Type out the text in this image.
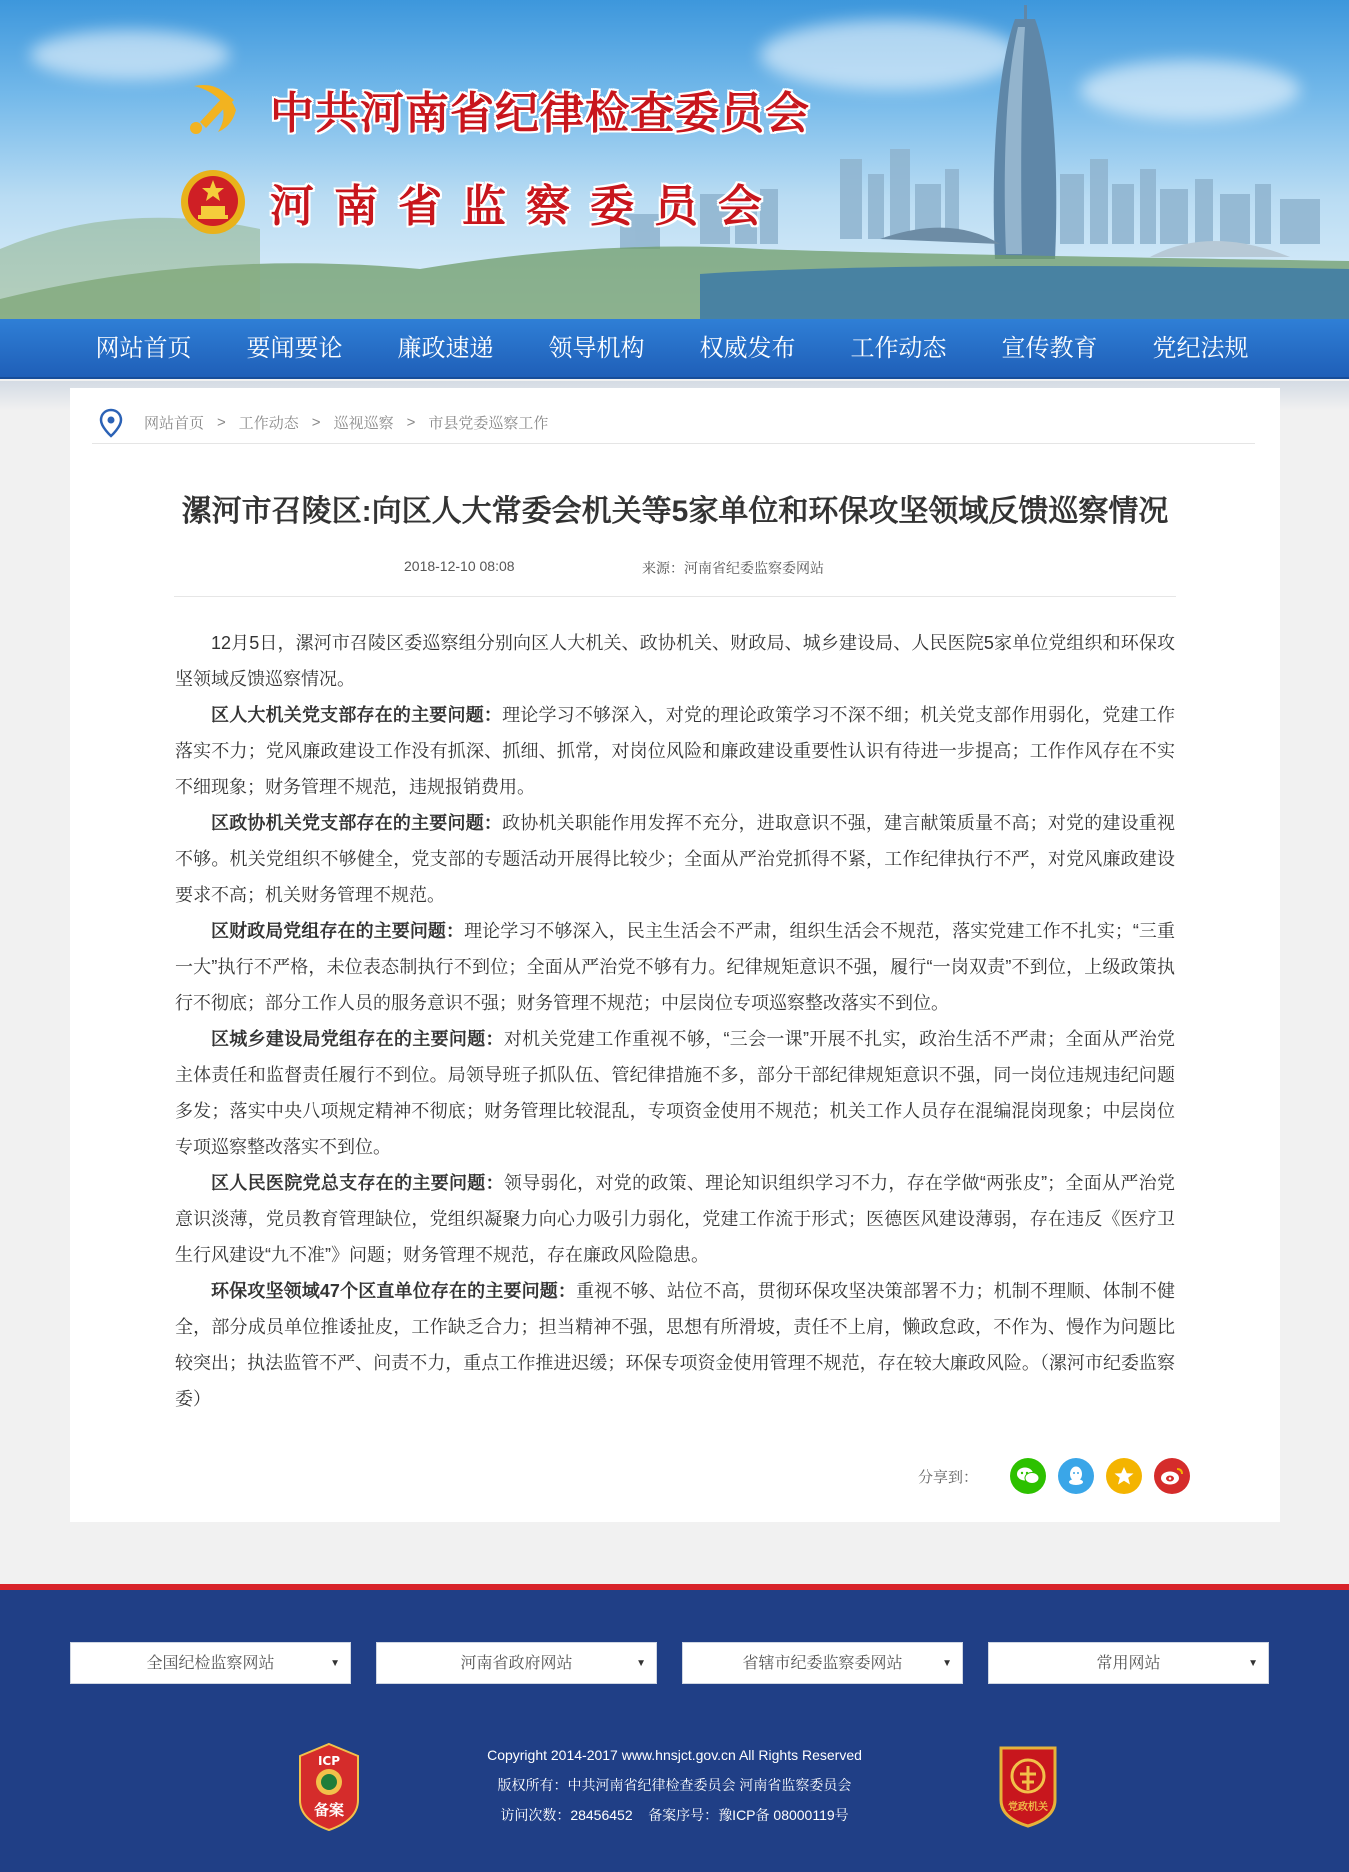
中共河南省纪律检查委员会
河南省监察委员会
网站首页	要闻要论	廉政速递	领导机构	权威发布	工作动态	宣传教育	党纪法规
网站首页 > 工作动态 > 巡视巡察 > 市县党委巡察工作
漯河市召陵区:向区人大常委会机关等5家单位和环保攻坚领域反馈巡察情况
2018-12-10 08:08	来源：河南省纪委监察委网站

12月5日，漯河市召陵区委巡察组分别向区人大机关、政协机关、财政局、城乡建设局、人民医院5家单位党组织和环保攻坚领域反馈巡察情况。

区人大机关党支部存在的主要问题：理论学习不够深入，对党的理论政策学习不深不细；机关党支部作用弱化，党建工作落实不力；党风廉政建设工作没有抓深、抓细、抓常，对岗位风险和廉政建设重要性认识有待进一步提高；工作作风存在不实不细现象；财务管理不规范，违规报销费用。

区政协机关党支部存在的主要问题：政协机关职能作用发挥不充分，进取意识不强，建言献策质量不高；对党的建设重视不够。机关党组织不够健全，党支部的专题活动开展得比较少；全面从严治党抓得不紧，工作纪律执行不严，对党风廉政建设要求不高；机关财务管理不规范。

区财政局党组存在的主要问题：理论学习不够深入，民主生活会不严肃，组织生活会不规范，落实党建工作不扎实；“三重一大”执行不严格，未位表态制执行不到位；全面从严治党不够有力。纪律规矩意识不强，履行“一岗双责”不到位，上级政策执行不彻底；部分工作人员的服务意识不强；财务管理不规范；中层岗位专项巡察整改落实不到位。

区城乡建设局党组存在的主要问题：对机关党建工作重视不够，“三会一课”开展不扎实，政治生活不严肃；全面从严治党主体责任和监督责任履行不到位。局领导班子抓队伍、管纪律措施不多，部分干部纪律规矩意识不强，同一岗位违规违纪问题多发；落实中央八项规定精神不彻底；财务管理比较混乱，专项资金使用不规范；机关工作人员存在混编混岗现象；中层岗位专项巡察整改落实不到位。

区人民医院党总支存在的主要问题：领导弱化，对党的政策、理论知识组织学习不力，存在学做“两张皮”；全面从严治党意识淡薄，党员教育管理缺位，党组织凝聚力向心力吸引力弱化，党建工作流于形式；医德医风建设薄弱，存在违反《医疗卫生行风建设“九不准”》问题；财务管理不规范，存在廉政风险隐患。

环保攻坚领域47个区直单位存在的主要问题：重视不够、站位不高，贯彻环保攻坚决策部署不力；机制不理顺、体制不健全，部分成员单位推诿扯皮，工作缺乏合力；担当精神不强，思想有所滑坡，责任不上肩，懒政怠政，不作为、慢作为问题比较突出；执法监管不严、问责不力，重点工作推进迟缓；环保专项资金使用管理不规范，存在较大廉政风险。（漯河市纪委监察委）

分享到：
全国纪检监察网站	▼	河南省政府网站	▼	省辖市纪委监察委网站	▼	常用网站	▼
ICP
备案
Copyright 2014-2017 www.hnsjct.gov.cn All Rights Reserved
版权所有：中共河南省纪律检查委员会 河南省监察委员会
访问次数：28456452 备案序号：豫ICP备 08000119号	党政机关
